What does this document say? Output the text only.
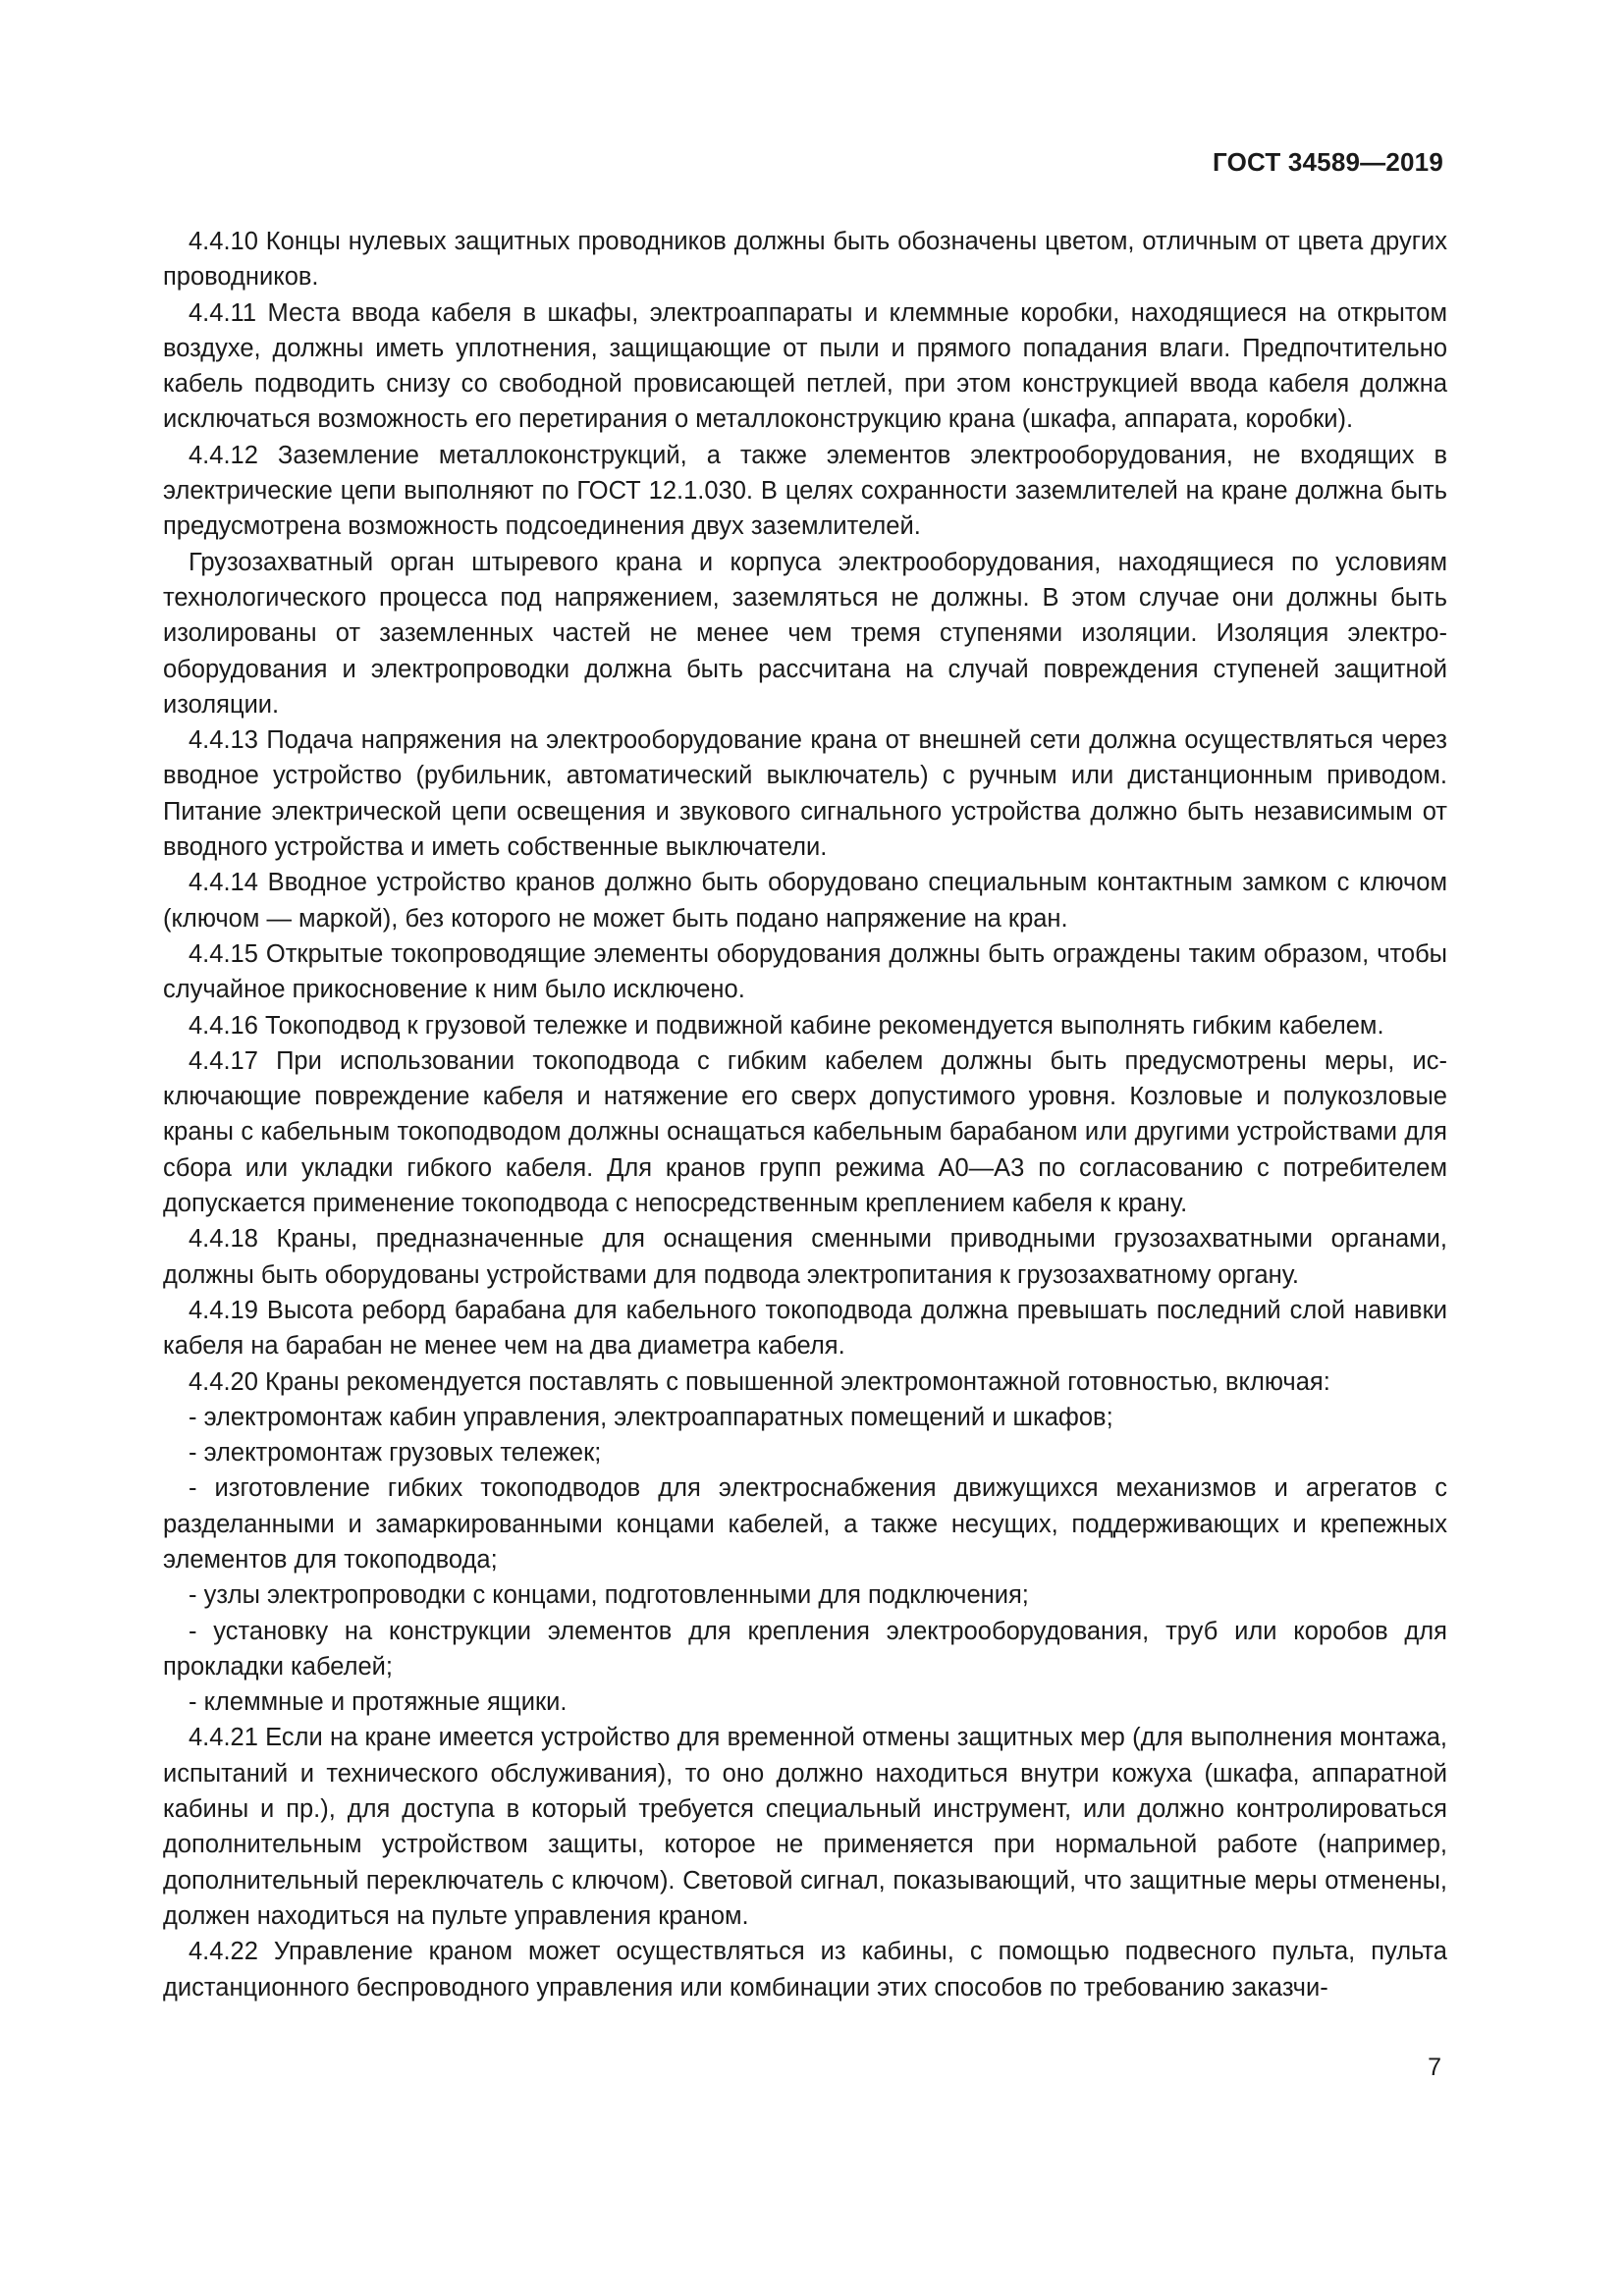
ГОСТ 34589—2019

4.4.10 Концы нулевых защитных проводников должны быть обозначены цветом, отличным от цвета других проводников.

4.4.11 Места ввода кабеля в шкафы, электроаппараты и клеммные коробки, находящиеся на открытом воздухе, должны иметь уплотнения, защищающие от пыли и прямого попадания влаги. Предпочтительно кабель подводить снизу со свободной провисающей петлей, при этом конструкцией ввода кабеля должна исключаться возможность его перетирания о металлоконструкцию крана (шкафа, аппарата, коробки).

4.4.12 Заземление металлоконструкций, а также элементов электрооборудования, не входящих в электрические цепи выполняют по ГОСТ 12.1.030. В целях сохранности заземлителей на кране должна быть предусмотрена возможность подсоединения двух заземлителей.

Грузозахватный орган штыревого крана и корпуса электрооборудования, находящиеся по условиям технологического процесса под напряжением, заземляться не должны. В этом случае они должны быть изолированы от заземленных частей не менее чем тремя ступенями изоляции. Изоляция электрооборудования и электропроводки должна быть рассчитана на случай повреждения ступеней защитной изоляции.

4.4.13 Подача напряжения на электрооборудование крана от внешней сети должна осуществляться через вводное устройство (рубильник, автоматический выключатель) с ручным или дистанционным приводом. Питание электрической цепи освещения и звукового сигнального устройства должно быть независимым от вводного устройства и иметь собственные выключатели.

4.4.14 Вводное устройство кранов должно быть оборудовано специальным контактным замком с ключом (ключом — маркой), без которого не может быть подано напряжение на кран.

4.4.15 Открытые токопроводящие элементы оборудования должны быть ограждены таким образом, чтобы случайное прикосновение к ним было исключено.

4.4.16 Токоподвод к грузовой тележке и подвижной кабине рекомендуется выполнять гибким кабелем.

4.4.17 При использовании токоподвода с гибким кабелем должны быть предусмотрены меры, исключающие повреждение кабеля и натяжение его сверх допустимого уровня. Козловые и полукозловые краны с кабельным токоподводом должны оснащаться кабельным барабаном или другими устройствами для сбора или укладки гибкого кабеля. Для кранов групп режима А0—А3 по согласованию с потребителем допускается применение токоподвода с непосредственным креплением кабеля к крану.

4.4.18 Краны, предназначенные для оснащения сменными приводными грузозахватными органами, должны быть оборудованы устройствами для подвода электропитания к грузозахватному органу.

4.4.19 Высота реборд барабана для кабельного токоподвода должна превышать последний слой навивки кабеля на барабан не менее чем на два диаметра кабеля.

4.4.20 Краны рекомендуется поставлять с повышенной электромонтажной готовностью, включая:

- электромонтаж кабин управления, электроаппаратных помещений и шкафов;

- электромонтаж грузовых тележек;

- изготовление гибких токоподводов для электроснабжения движущихся механизмов и агрегатов с разделанными и замаркированными концами кабелей, а также несущих, поддерживающих и крепежных элементов для токоподвода;

- узлы электропроводки с концами, подготовленными для подключения;

- установку на конструкции элементов для крепления электрооборудования, труб или коробов для прокладки кабелей;

- клеммные и протяжные ящики.

4.4.21 Если на кране имеется устройство для временной отмены защитных мер (для выполнения монтажа, испытаний и технического обслуживания), то оно должно находиться внутри кожуха (шкафа, аппаратной кабины и пр.), для доступа в который требуется специальный инструмент, или должно контролироваться дополнительным устройством защиты, которое не применяется при нормальной работе (например, дополнительный переключатель с ключом). Световой сигнал, показывающий, что защитные меры отменены, должен находиться на пульте управления краном.

4.4.22 Управление краном может осуществляться из кабины, с помощью подвесного пульта, пульта дистанционного беспроводного управления или комбинации этих способов по требованию заказчи-

7
